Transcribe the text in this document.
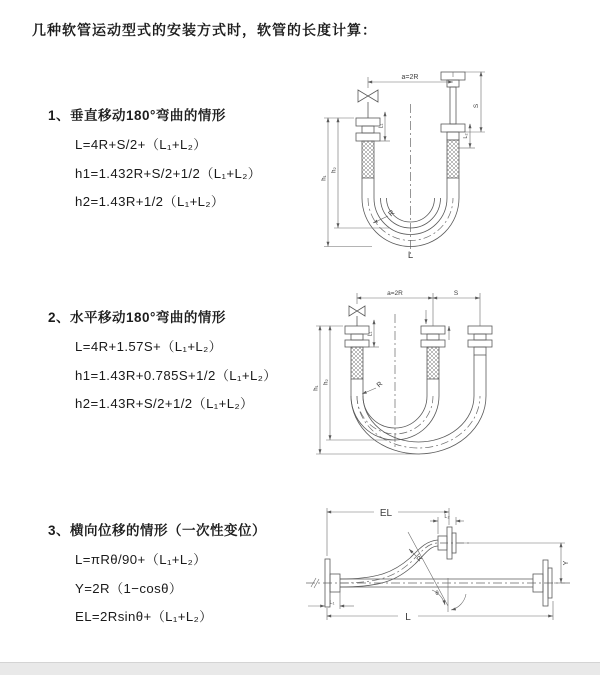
几种软管运动型式的安装方式时，软管的长度计算：
1、垂直移动180°弯曲的情形
L=4R+S/2+（L₁+L₂）
h1=1.432R+S/2+1/2（L₁+L₂）
h2=1.43R+1/2（L₁+L₂）
a=2R
S
L₂
h₁
h₂
L₁
R
L
2、水平移动180°弯曲的情形
L=4R+1.57S+（L₁+L₂）
h1=1.43R+0.785S+1/2（L₁+L₂）
h2=1.43R+S/2+1/2（L₁+L₂）
a=2R	S
h₁
h₂
L₁
R
3、横向位移的情形（一次性变位）
L=πRθ/90+（L₁+L₂）
Y=2R（1−cosθ）
EL=2Rsinθ+（L₁+L₂）
EL	L₂
Y
θ
R
L₁
L
